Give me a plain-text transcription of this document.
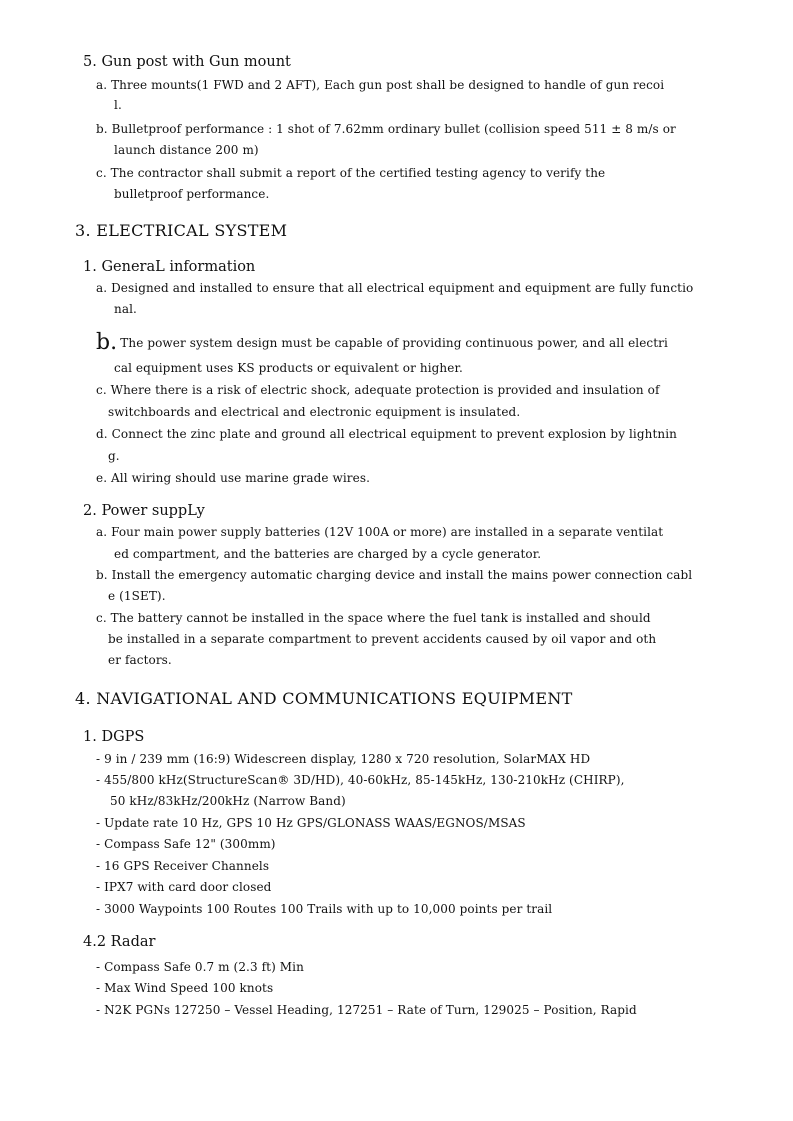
5. Gun post with Gun mount
a. Three mounts(1 FWD and 2 AFT), Each gun post shall be designed to handle of gun recoi
l.
b. Bulletproof performance : 1 shot of 7.62mm ordinary bullet (collision speed 511 ± 8 m/s or
launch distance 200 m)
c. The contractor shall submit a report of the certified testing agency to verify the
bulletproof performance.
3. ELECTRICAL SYSTEM
1. GeneraL information
a. Designed and installed to ensure that all electrical equipment and equipment are fully functio
nal.
b. The power system design must be capable of providing continuous power, and all electri
cal equipment uses KS products or equivalent or higher.
c. Where there is a risk of electric shock, adequate protection is provided and insulation of
switchboards and electrical and electronic equipment is insulated.
d. Connect the zinc plate and ground all electrical equipment to prevent explosion by lightnin
g.
e. All wiring should use marine grade wires.
2. Power suppLy
a. Four main power supply batteries (12V 100A or more) are installed in a separate ventilat
ed compartment, and the batteries are charged by a cycle generator.
b. Install the emergency automatic charging device and install the mains power connection cabl
e (1SET).
c. The battery cannot be installed in the space where the fuel tank is installed and should
be installed in a separate compartment to prevent accidents caused by oil vapor and oth
er factors.
4. NAVIGATIONAL AND COMMUNICATIONS EQUIPMENT
1. DGPS
- 9 in / 239 mm (16:9) Widescreen display, 1280 x 720 resolution, SolarMAX HD
- 455/800 kHz(StructureScan® 3D/HD), 40-60kHz, 85-145kHz, 130-210kHz (CHIRP),
50 kHz/83kHz/200kHz (Narrow Band)
- Update rate 10 Hz, GPS 10 Hz GPS/GLONASS WAAS/EGNOS/MSAS
- Compass Safe 12" (300mm)
- 16 GPS Receiver Channels
- IPX7 with card door closed
- 3000 Waypoints 100 Routes 100 Trails with up to 10,000 points per trail
4.2 Radar
- Compass Safe 0.7 m (2.3 ft) Min
- Max Wind Speed 100 knots
- N2K PGNs 127250 – Vessel Heading, 127251 – Rate of Turn, 129025 – Position, Rapid
